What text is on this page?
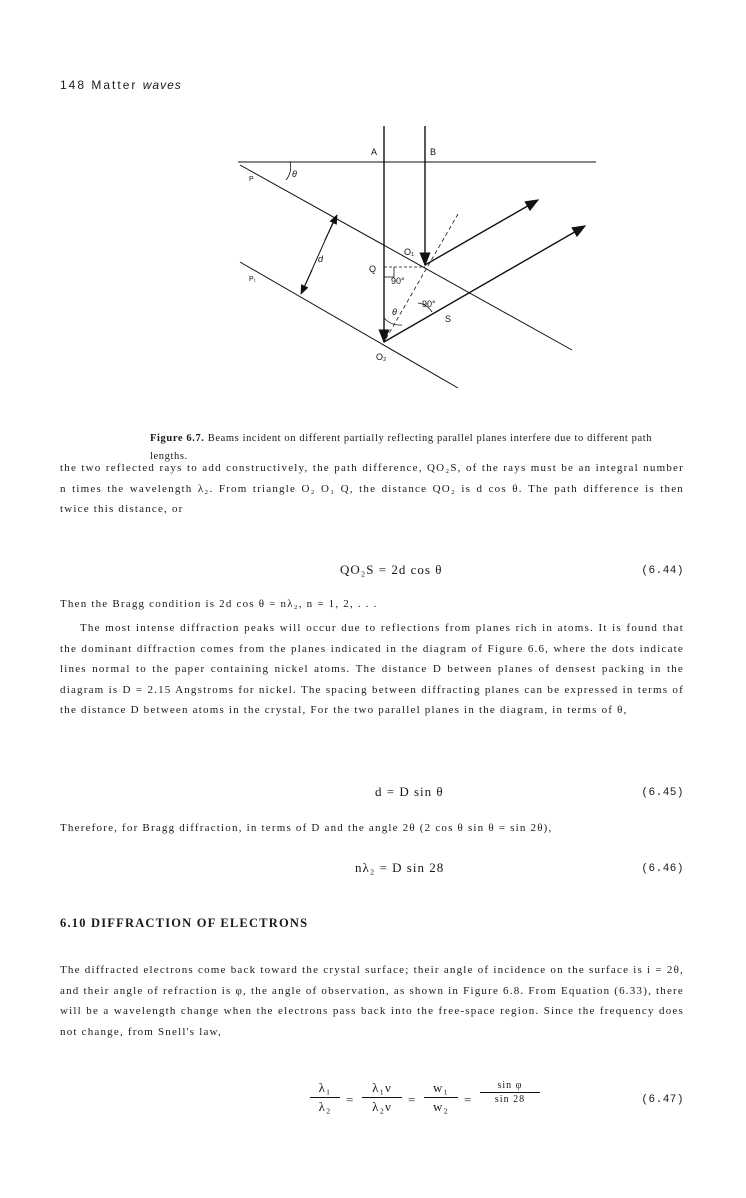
148 Matter waves
A	B
P
θ
P₁
d
O₁
Q
90°
90°
θ
S
O₂
Figure 6.7. Beams incident on different partially reflecting parallel planes interfere due to different path lengths.
the two reflected rays to add constructively, the path difference, QO₂S, of the rays must be an integral number n times the wavelength λ₂. From triangle O₂ O₁ Q, the distance QO₂ is d cos θ. The path difference is then twice this distance, or
QO₂S = 2d cos θ	(6.44)
Then the Bragg condition is 2d cos θ = nλ₂, n = 1, 2, . . .
The most intense diffraction peaks will occur due to reflections from planes rich in atoms. It is found that the dominant diffraction comes from the planes indicated in the diagram of Figure 6.6, where the dots indicate lines normal to the paper containing nickel atoms. The distance D between planes of densest packing in the diagram is D = 2.15 Angstroms for nickel. The spacing between diffracting planes can be expressed in terms of the distance D between atoms in the crystal, For the two parallel planes in the diagram, in terms of θ,
d = D sin θ	(6.45)
Therefore, for Bragg diffraction, in terms of D and the angle 2θ (2 cos θ sin θ = sin 2θ),
nλ₂ = D sin 28	(6.46)
6.10 DIFFRACTION OF ELECTRONS
The diffracted electrons come back toward the crystal surface; their angle of incidence on the surface is i = 2θ, and their angle of refraction is φ, the angle of observation, as shown in Figure 6.8. From Equation (6.33), there will be a wavelength change when the electrons pass back into the free-space region. Since the frequency does not change, from Snell's law,
$\frac{\text{λ₁}}{\text{λ₂}} = \frac{\text{λ₁ν}}{\text{λ₂ν}} = \frac{\text{w₁}}{\text{w₂}} = \frac{\text{sin φ}}{\sin 28}$	(6.47)
